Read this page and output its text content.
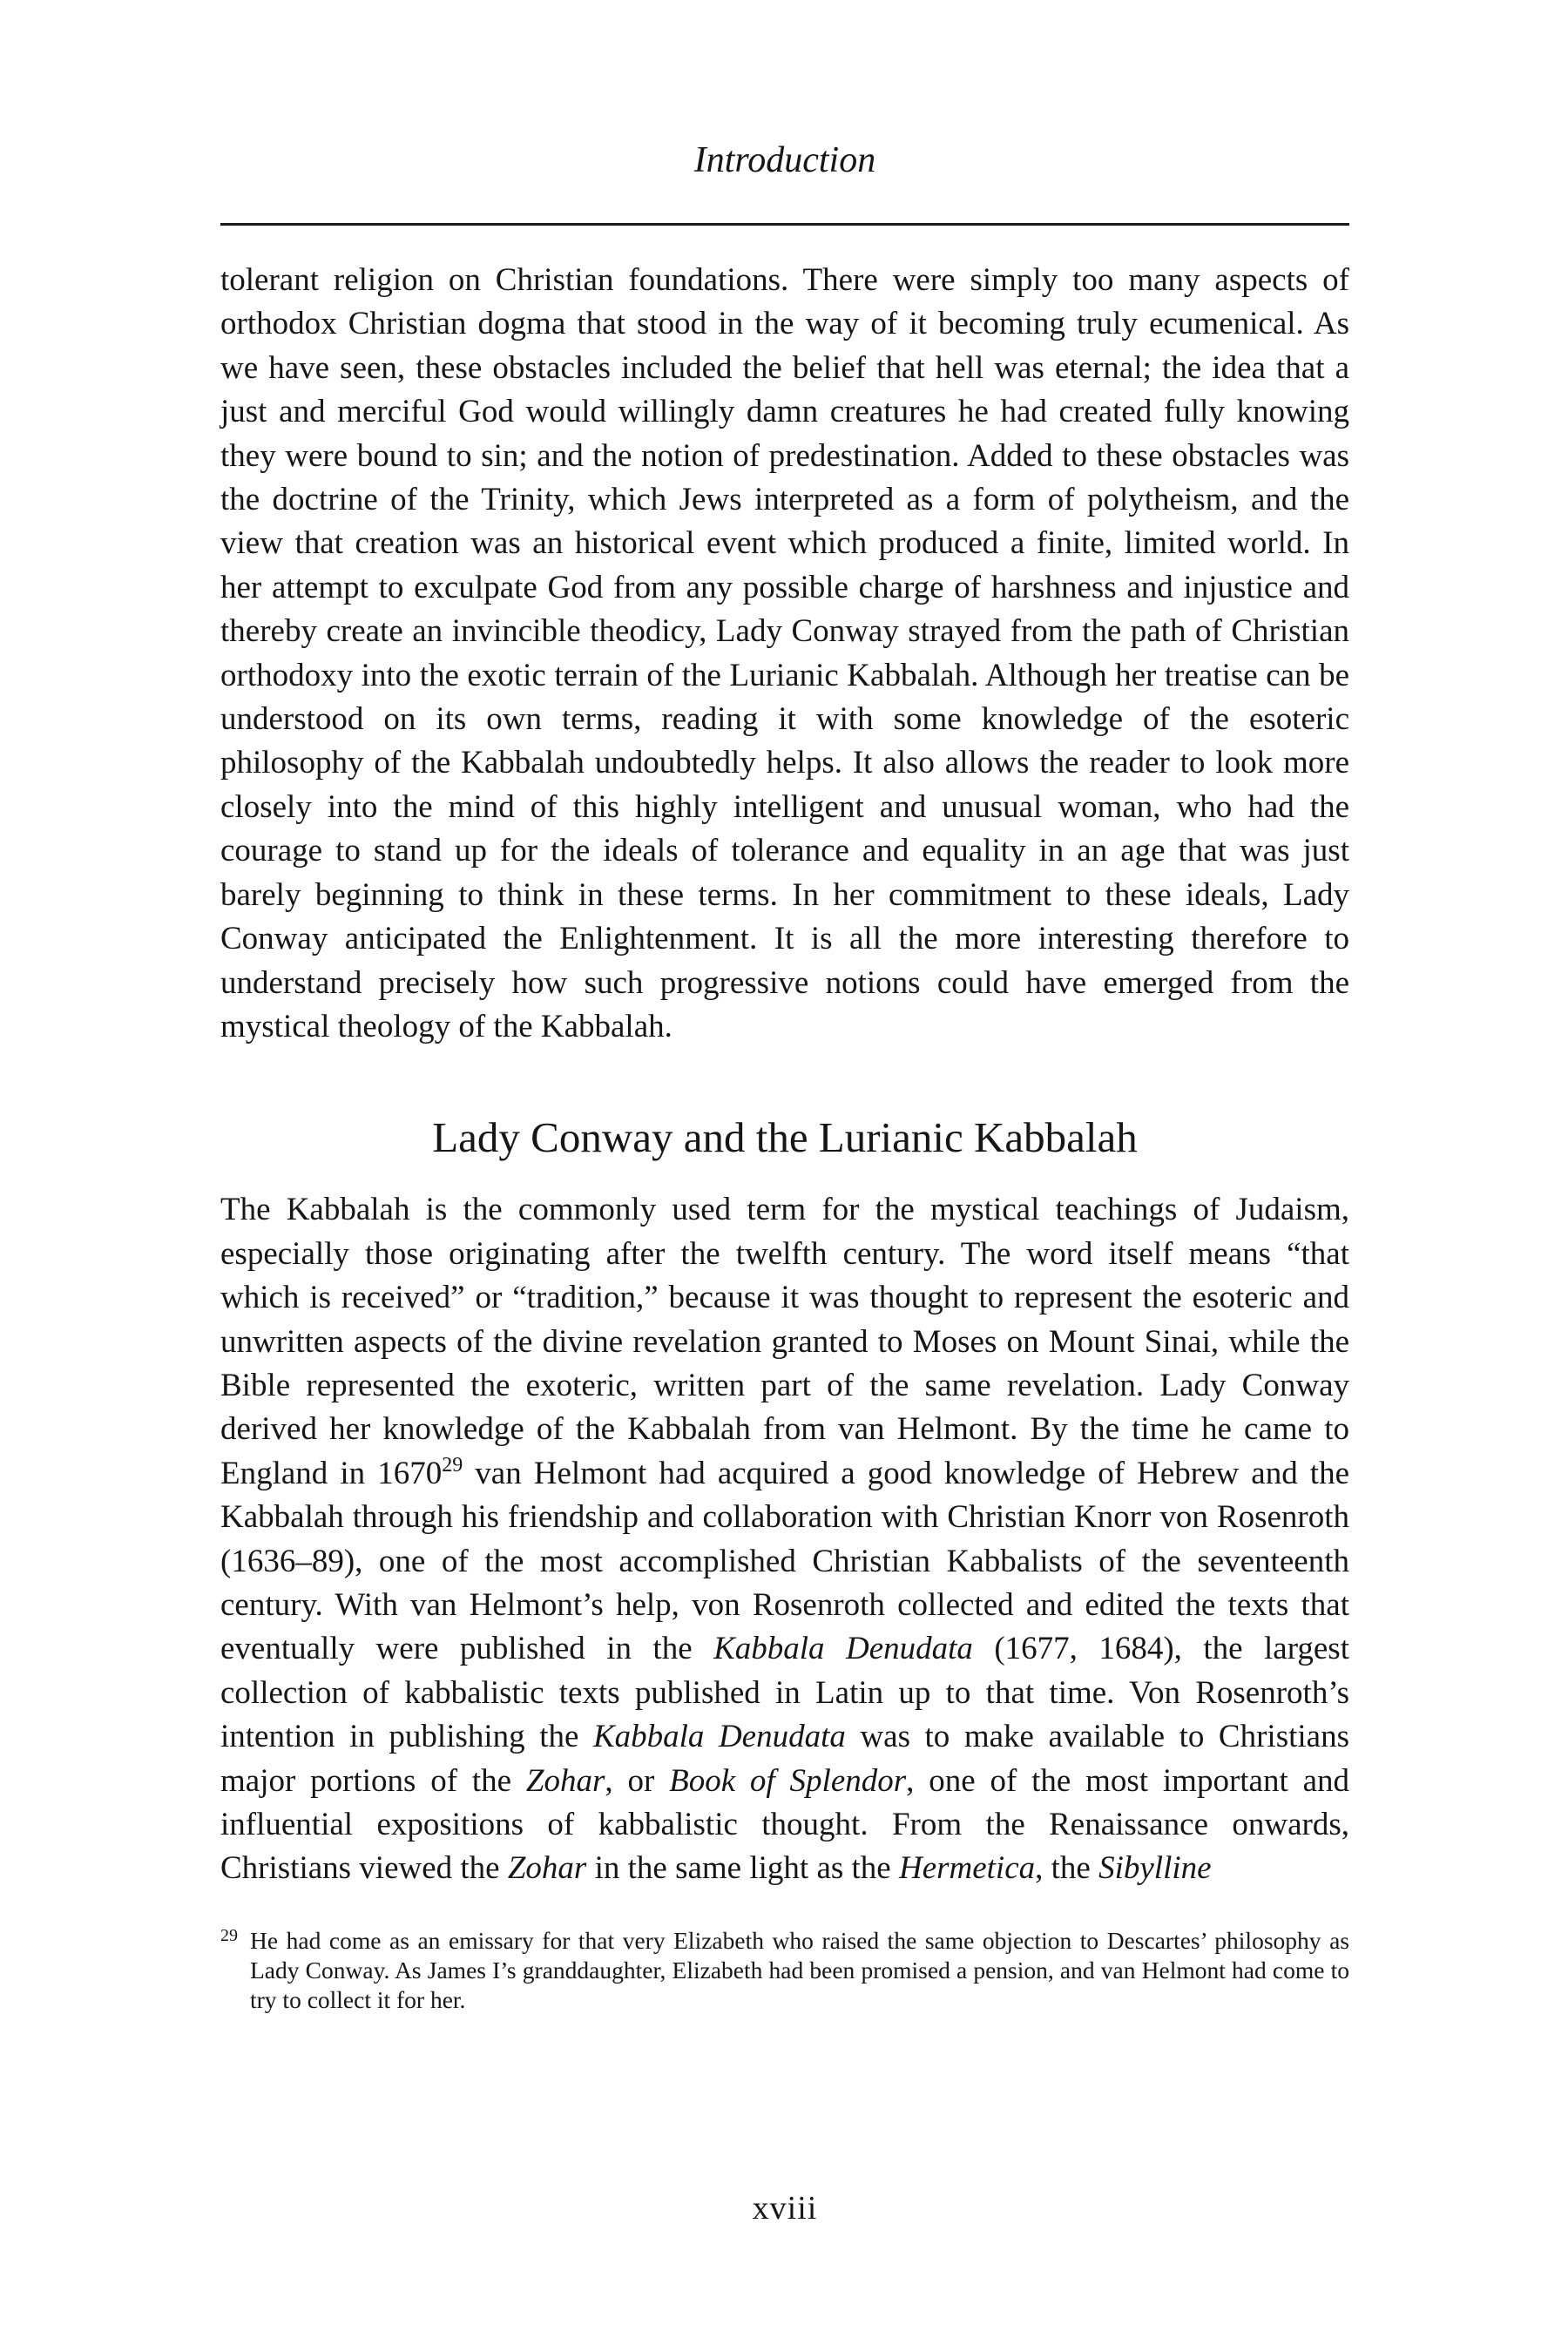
Introduction

tolerant religion on Christian foundations. There were simply too many aspects of orthodox Christian dogma that stood in the way of it becoming truly ecumenical. As we have seen, these obstacles included the belief that hell was eternal; the idea that a just and merciful God would willingly damn creatures he had created fully knowing they were bound to sin; and the notion of predestination. Added to these obstacles was the doctrine of the Trinity, which Jews interpreted as a form of polytheism, and the view that creation was an historical event which produced a finite, limited world. In her attempt to exculpate God from any possible charge of harshness and injustice and thereby create an invincible theodicy, Lady Conway strayed from the path of Christian orthodoxy into the exotic terrain of the Lurianic Kabbalah. Although her treatise can be understood on its own terms, reading it with some knowledge of the esoteric philosophy of the Kabbalah undoubtedly helps. It also allows the reader to look more closely into the mind of this highly intelligent and unusual woman, who had the courage to stand up for the ideals of tolerance and equality in an age that was just barely beginning to think in these terms. In her commitment to these ideals, Lady Conway anticipated the Enlightenment. It is all the more interesting therefore to understand precisely how such progressive notions could have emerged from the mystical theology of the Kabbalah.

Lady Conway and the Lurianic Kabbalah

The Kabbalah is the commonly used term for the mystical teachings of Judaism, especially those originating after the twelfth century. The word itself means “that which is received” or “tradition,” because it was thought to represent the esoteric and unwritten aspects of the divine revelation granted to Moses on Mount Sinai, while the Bible represented the exoteric, written part of the same revelation. Lady Conway derived her knowledge of the Kabbalah from van Helmont. By the time he came to England in 1670$^{29}$ van Helmont had acquired a good knowledge of Hebrew and the Kabbalah through his friendship and collaboration with Christian Knorr von Rosenroth (1636–89), one of the most accomplished Christian Kabbalists of the seventeenth century. With van Helmont’s help, von Rosenroth collected and edited the texts that eventually were published in the Kabbala Denudata (1677, 1684), the largest collection of kabbalistic texts published in Latin up to that time. Von Rosenroth’s intention in publishing the Kabbala Denudata was to make available to Christians major portions of the Zohar, or Book of Splendor, one of the most important and influential expositions of kabbalistic thought. From the Renaissance onwards, Christians viewed the Zohar in the same light as the Hermetica, the Sibylline

29 He had come as an emissary for that very Elizabeth who raised the same objection to Descartes’ philosophy as Lady Conway. As James I’s granddaughter, Elizabeth had been promised a pension, and van Helmont had come to try to collect it for her.

xviii
